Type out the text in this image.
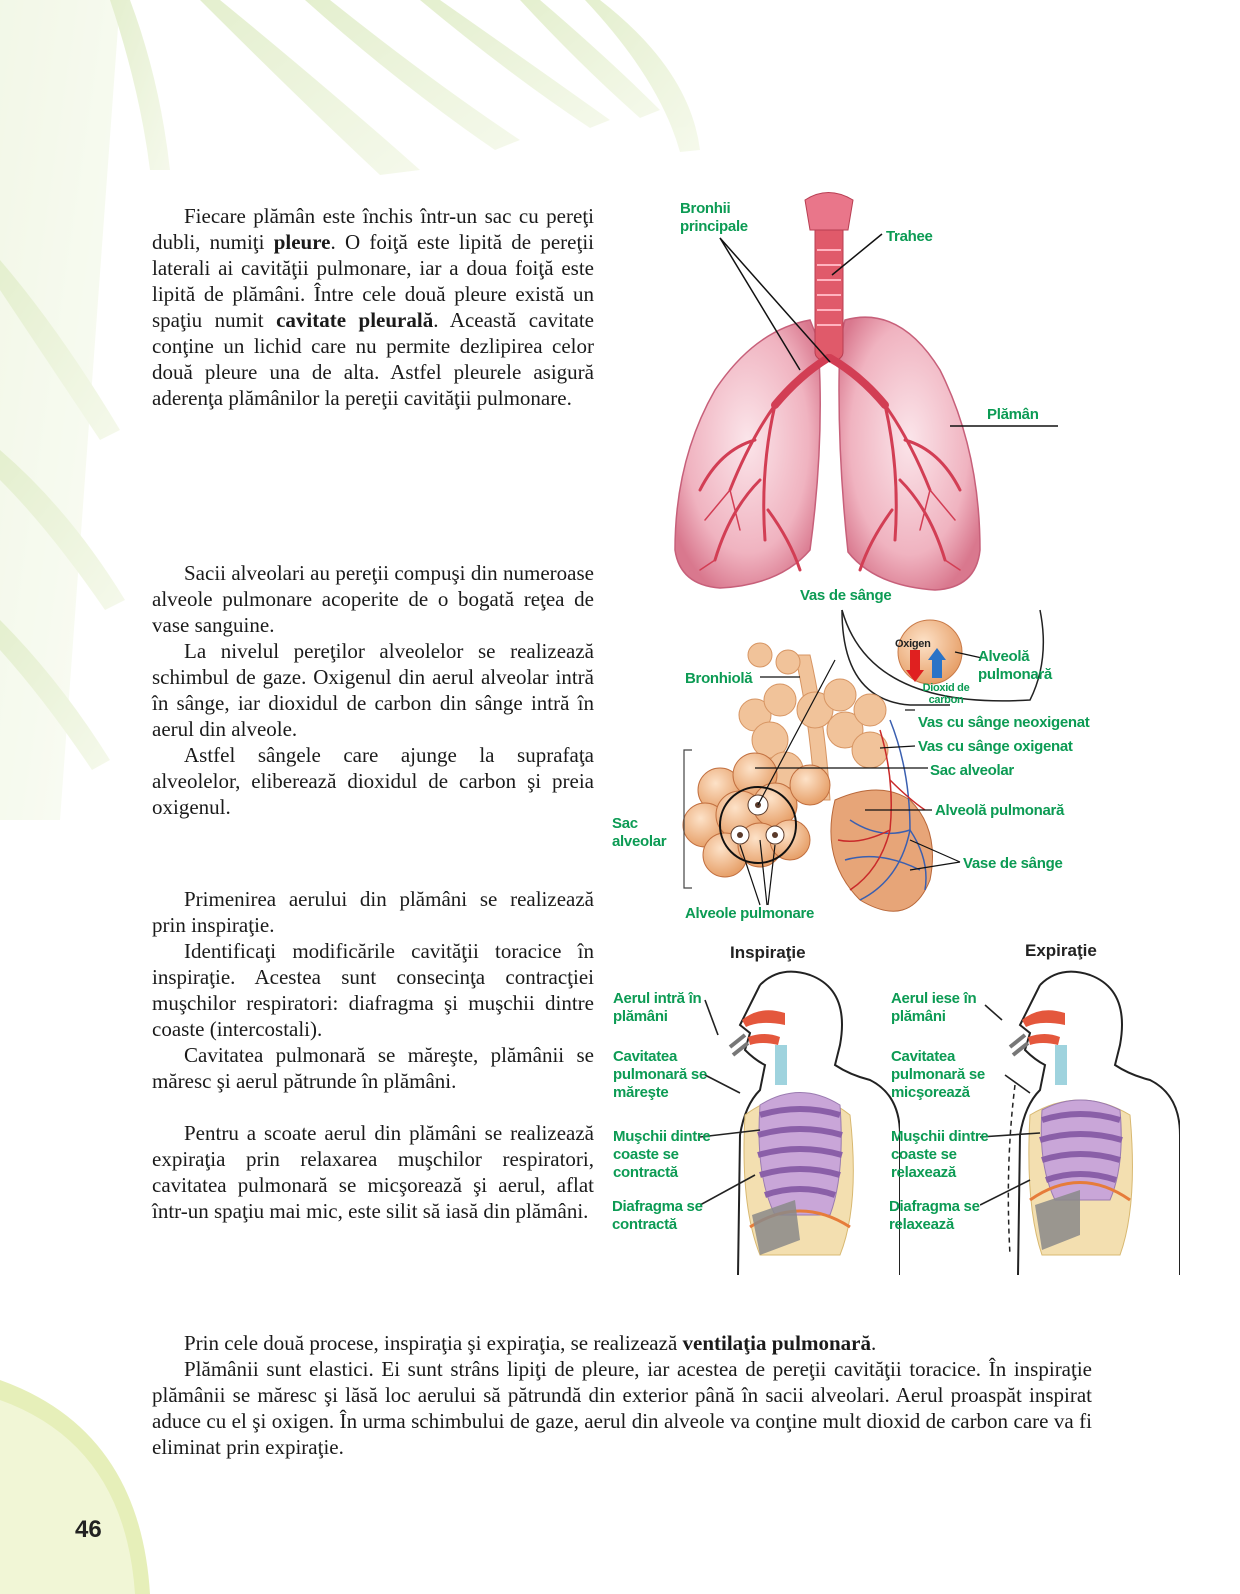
Fiecare plămân este închis într-un sac cu pereţi dubli, numiţi pleure. O foiţă este lipită de pereţii laterali ai cavităţii pulmonare, iar a doua foiţă este lipită de plămâni. Între cele două pleure există un spaţiu numit cavitate pleurală. Această cavitate conţine un lichid care nu permite dezlipirea celor două pleure una de alta. Astfel pleurele asigură aderenţa plămânilor la pereţii cavităţii pulmonare.

Sacii alveolari au pereţii compuşi din numeroase alveole pulmonare acoperite de o bogată reţea de vase sanguine.

La nivelul pereţilor alveolelor se realizează schimbul de gaze. Oxigenul din aerul alveolar intră în sânge, iar dioxidul de carbon din sânge intră în aerul din alveole.

Astfel sângele care ajunge la suprafaţa alveolelor, eliberează dioxidul de carbon şi preia oxigenul.

Primenirea aerului din plămâni se realizează prin inspiraţie.

Identificaţi modificările cavităţii toracice în inspiraţie. Acestea sunt consecinţa contracţiei muşchilor respiratori: diafragma şi muşchii dintre coaste (intercostali).

Cavitatea pulmonară se măreşte, plămânii se măresc şi aerul pătrunde în plămâni.

Pentru a scoate aerul din plămâni se realizează expiraţia prin relaxarea muşchilor respiratori, cavitatea pulmonară se micşorează şi aerul, aflat într-un spaţiu mai mic, este silit să iasă din plămâni.

Prin cele două procese, inspiraţia şi expiraţia, se realizează ventilaţia pulmonară.

Plămânii sunt elastici. Ei sunt strâns lipiţi de pleure, iar acestea de pereţii cavităţii toracice. În inspiraţie plămânii se măresc şi lăsă loc aerului să pătrundă din exterior până în sacii alveolari. Aerul proaspăt inspirat aduce cu el şi oxigen. În urma schimbului de gaze, aerul din alveole va conţine mult dioxid de carbon care va fi eliminat prin expiraţie.

46
Bronhii principale
Trahee
Plămân
Vas de sânge
Oxigen
Dioxid de carbon
Alveolă pulmonară
Bronhiolă
Vas cu sânge neoxigenat
Vas cu sânge oxigenat
Sac alveolar
Alveolă pulmonară
Sac alveolar
Vase de sânge
Alveole pulmonare
Inspiraţie	Expiraţie
Aerul intră în plămâni
Cavitatea pulmonară se măreşte
Muşchii dintre coaste se contractă
Diafragma se contractă
Aerul iese în plămâni
Cavitatea pulmonară se micşorează
Muşchii dintre coaste se relaxează
Diafragma se relaxează
